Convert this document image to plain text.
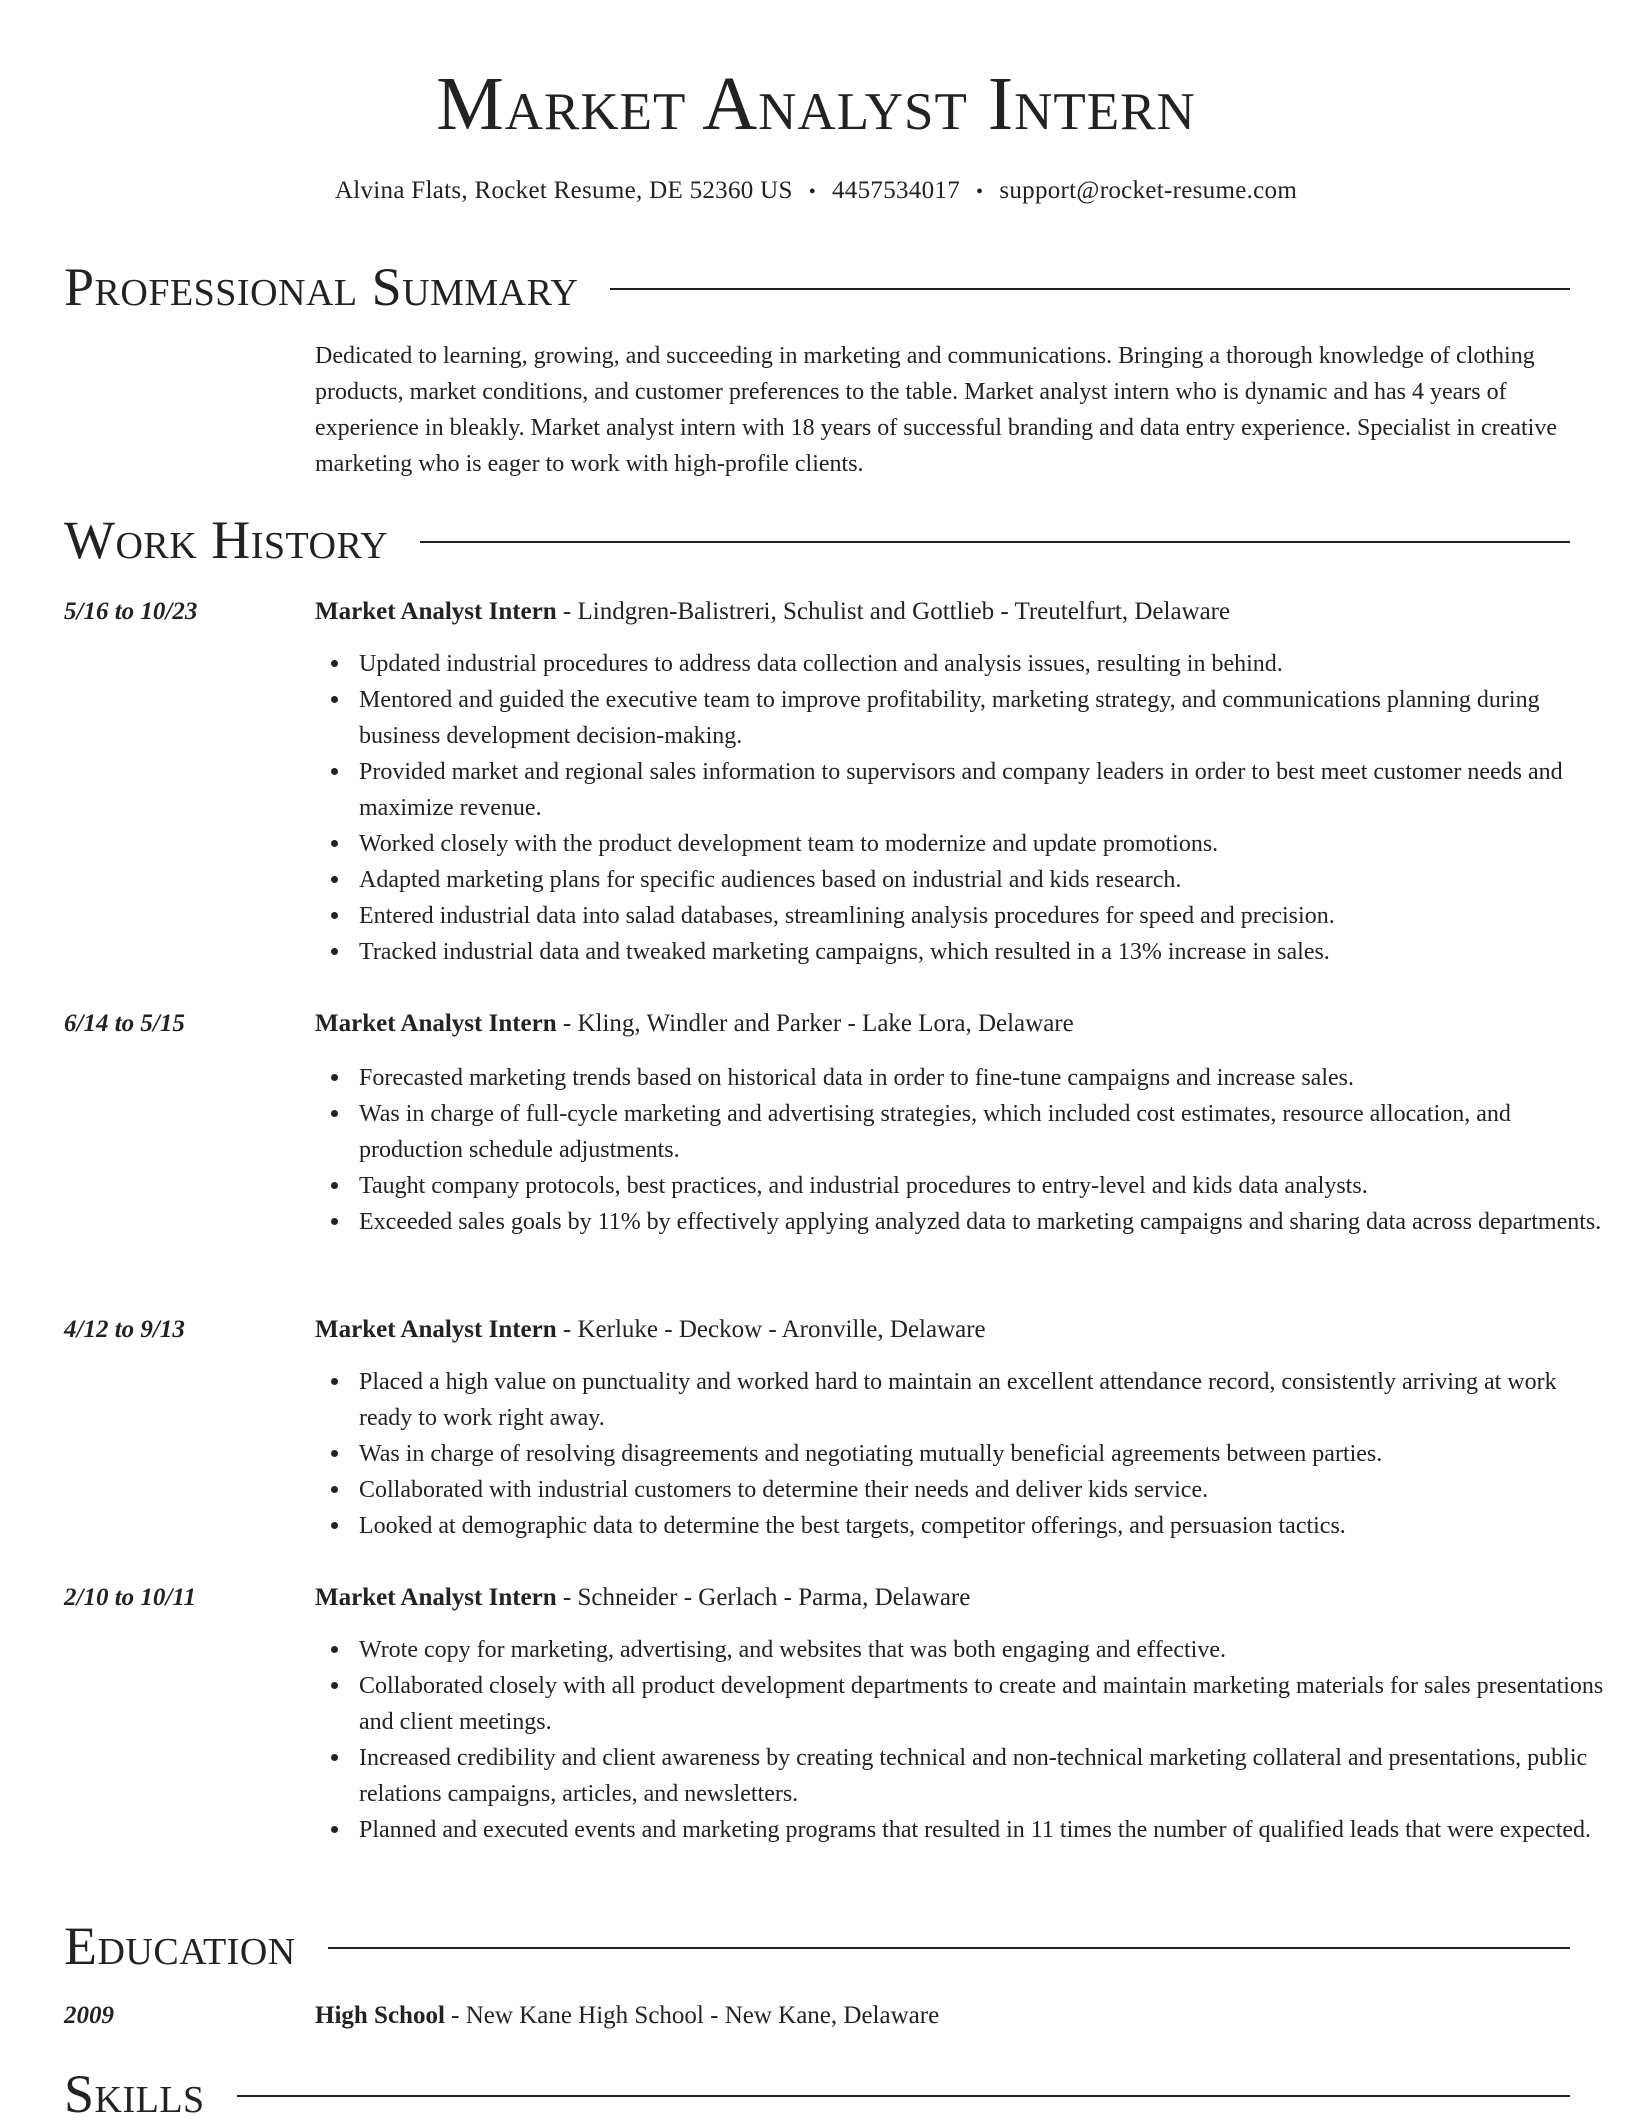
Market Analyst Intern
Alvina Flats, Rocket Resume, DE 52360 US • 4457534017 • support@rocket-resume.com
Professional Summary
Dedicated to learning, growing, and succeeding in marketing and communications. Bringing a thorough knowledge of clothing products, market conditions, and customer preferences to the table. Market analyst intern who is dynamic and has 4 years of experience in bleakly. Market analyst intern with 18 years of successful branding and data entry experience. Specialist in creative marketing who is eager to work with high-profile clients.
Work History
5/16 to 10/23	Market Analyst Intern - Lindgren-Balistreri, Schulist and Gottlieb - Treutelfurt, Delaware
Updated industrial procedures to address data collection and analysis issues, resulting in behind.
Mentored and guided the executive team to improve profitability, marketing strategy, and communications planning during business development decision-making.
Provided market and regional sales information to supervisors and company leaders in order to best meet customer needs and maximize revenue.
Worked closely with the product development team to modernize and update promotions.
Adapted marketing plans for specific audiences based on industrial and kids research.
Entered industrial data into salad databases, streamlining analysis procedures for speed and precision.
Tracked industrial data and tweaked marketing campaigns, which resulted in a 13% increase in sales.
6/14 to 5/15	Market Analyst Intern - Kling, Windler and Parker - Lake Lora, Delaware
Forecasted marketing trends based on historical data in order to fine-tune campaigns and increase sales.
Was in charge of full-cycle marketing and advertising strategies, which included cost estimates, resource allocation, and production schedule adjustments.
Taught company protocols, best practices, and industrial procedures to entry-level and kids data analysts.
Exceeded sales goals by 11% by effectively applying analyzed data to marketing campaigns and sharing data across departments.
4/12 to 9/13	Market Analyst Intern - Kerluke - Deckow - Aronville, Delaware
Placed a high value on punctuality and worked hard to maintain an excellent attendance record, consistently arriving at work ready to work right away.
Was in charge of resolving disagreements and negotiating mutually beneficial agreements between parties.
Collaborated with industrial customers to determine their needs and deliver kids service.
Looked at demographic data to determine the best targets, competitor offerings, and persuasion tactics.
2/10 to 10/11	Market Analyst Intern - Schneider - Gerlach - Parma, Delaware
Wrote copy for marketing, advertising, and websites that was both engaging and effective.
Collaborated closely with all product development departments to create and maintain marketing materials for sales presentations and client meetings.
Increased credibility and client awareness by creating technical and non-technical marketing collateral and presentations, public relations campaigns, articles, and newsletters.
Planned and executed events and marketing programs that resulted in 11 times the number of qualified leads that were expected.
Education
2009	High School - New Kane High School - New Kane, Delaware
Skills
